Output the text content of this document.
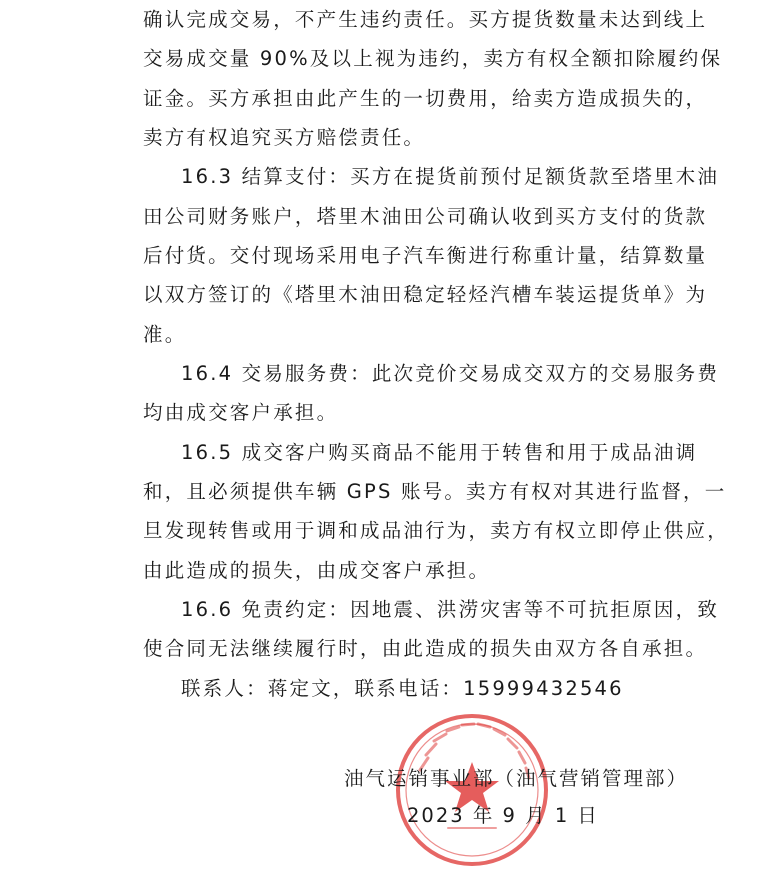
确认完成交易，不产生违约责任。买方提货数量未达到线上
交易成交量 90%及以上视为违约，卖方有权全额扣除履约保
证金。买方承担由此产生的一切费用，给卖方造成损失的，
卖方有权追究买方赔偿责任。
16.3 结算支付：买方在提货前预付足额货款至塔里木油
田公司财务账户，塔里木油田公司确认收到买方支付的货款
后付货。交付现场采用电子汽车衡进行称重计量，结算数量
以双方签订的《塔里木油田稳定轻烃汽槽车装运提货单》为
准。
16.4 交易服务费：此次竞价交易成交双方的交易服务费
均由成交客户承担。
16.5 成交客户购买商品不能用于转售和用于成品油调
和，且必须提供车辆 GPS 账号。卖方有权对其进行监督，一
旦发现转售或用于调和成品油行为，卖方有权立即停止供应，
由此造成的损失，由成交客户承担。
16.6 免责约定：因地震、洪涝灾害等不可抗拒原因，致
使合同无法继续履行时，由此造成的损失由双方各自承担。
联系人：蒋定文，联系电话：15999432546
油气运销事业部（油气营销管理部）
2023 年 9 月 1 日
